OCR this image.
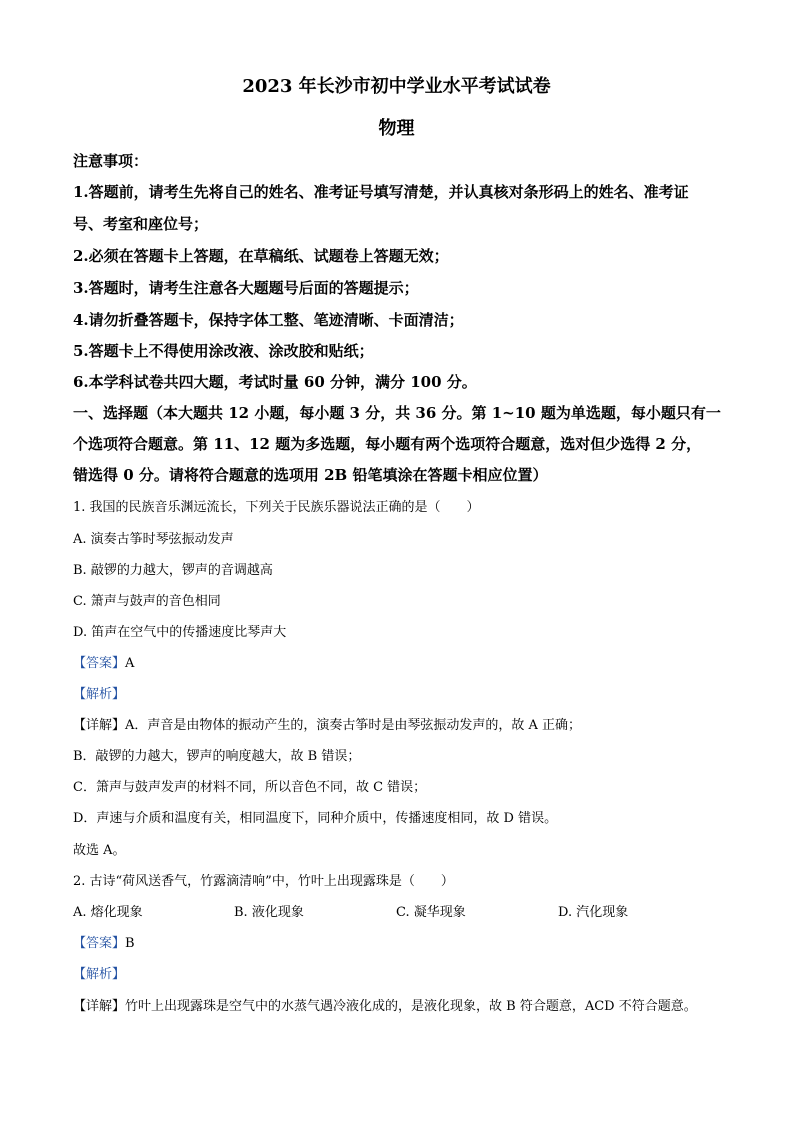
2023 年长沙市初中学业水平考试试卷
物理
注意事项：
1.答题前，请考生先将自己的姓名、准考证号填写清楚，并认真核对条形码上的姓名、准考证
号、考室和座位号；
2.必须在答题卡上答题，在草稿纸、试题卷上答题无效；
3.答题时，请考生注意各大题题号后面的答题提示；
4.请勿折叠答题卡，保持字体工整、笔迹清晰、卡面清洁；
5.答题卡上不得使用涂改液、涂改胶和贴纸；
6.本学科试卷共四大题，考试时量 60 分钟，满分 100 分。
一、选择题（本大题共 12 小题，每小题 3 分，共 36 分。第 1~10 题为单选题，每小题只有一
个选项符合题意。第 11、12 题为多选题，每小题有两个选项符合题意，选对但少选得 2 分，
错选得 0 分。请将符合题意的选项用 2B 铅笔填涂在答题卡相应位置）
1. 我国的民族音乐渊远流长，下列关于民族乐器说法正确的是（　　）
A. 演奏古筝时琴弦振动发声
B. 敲锣的力越大，锣声的音调越高
C. 箫声与鼓声的音色相同
D. 笛声在空气中的传播速度比琴声大
【答案】A
【解析】
【详解】A．声音是由物体的振动产生的，演奏古筝时是由琴弦振动发声的，故 A 正确；
B．敲锣的力越大，锣声的响度越大，故 B 错误；
C．箫声与鼓声发声的材料不同，所以音色不同，故 C 错误；
D．声速与介质和温度有关，相同温度下，同种介质中，传播速度相同，故 D 错误。
故选 A。
2. 古诗“荷风送香气，竹露滴清响”中，竹叶上出现露珠是（　　）
A. 熔化现象	B. 液化现象	C. 凝华现象	D. 汽化现象
【答案】B
【解析】
【详解】竹叶上出现露珠是空气中的水蒸气遇冷液化成的，是液化现象，故 B 符合题意，ACD 不符合题意。
